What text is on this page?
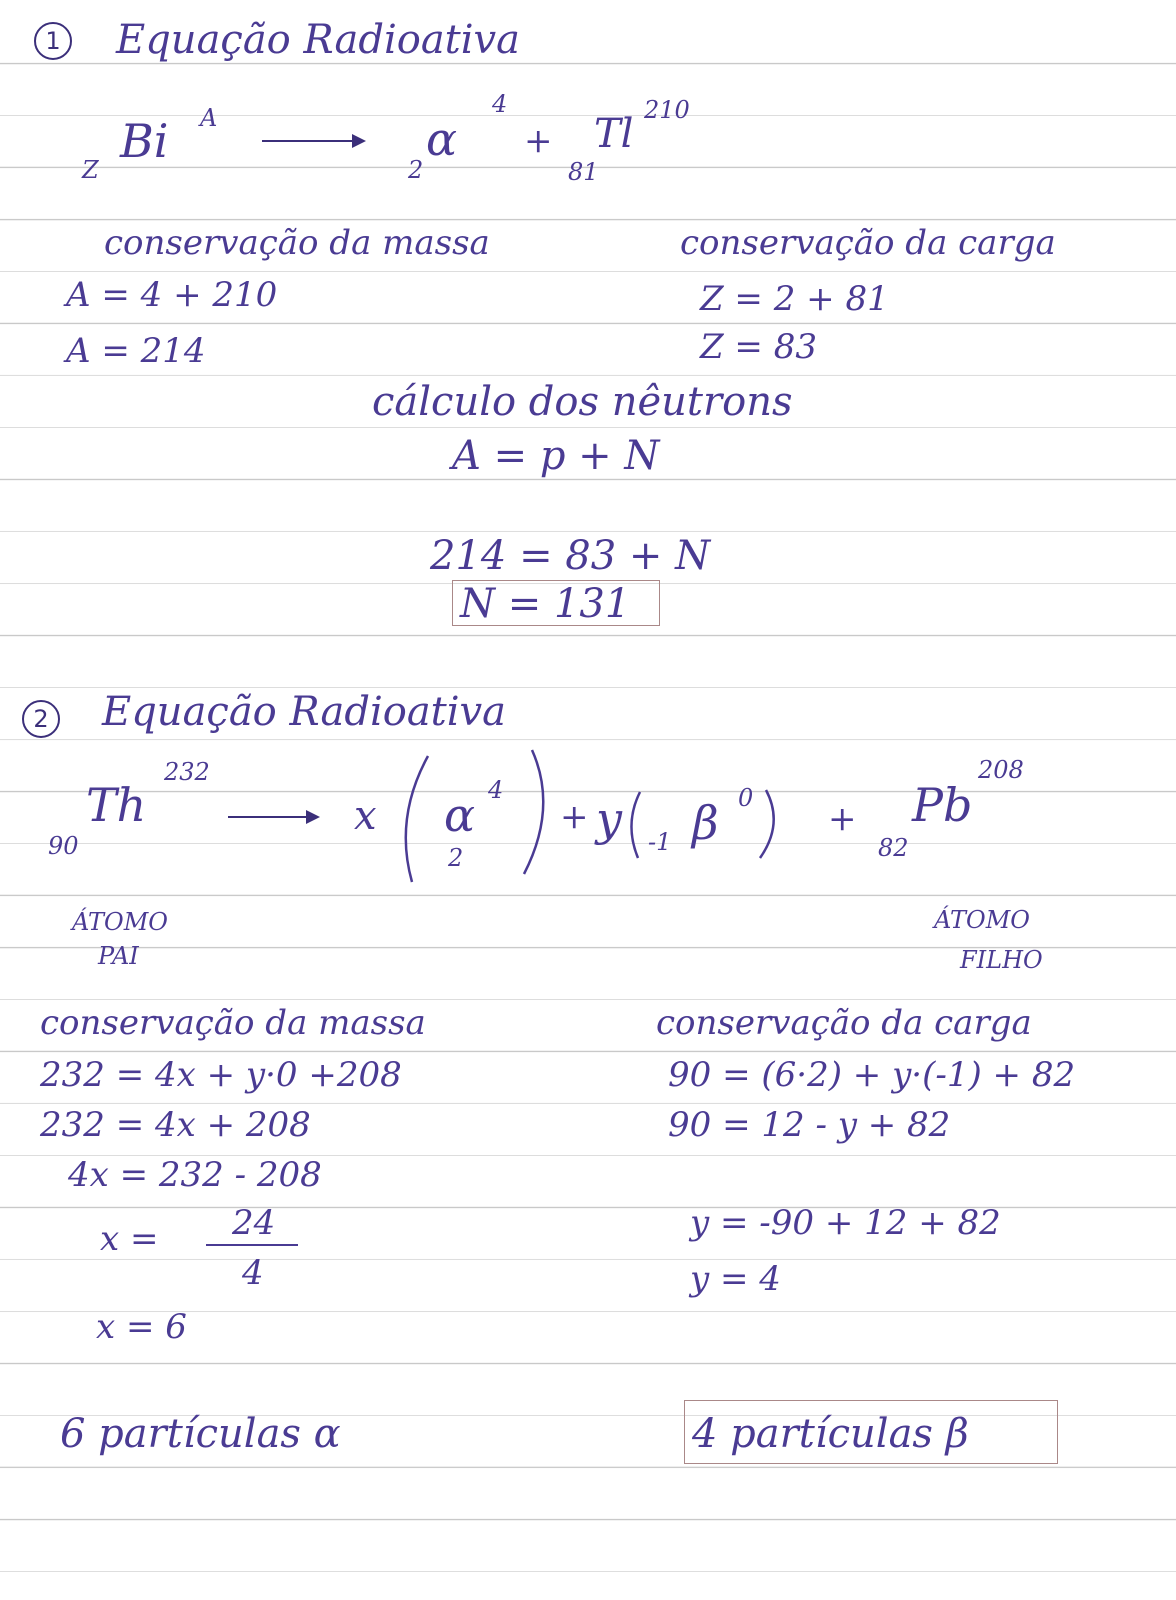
1 Equação Radioativa
Z
Bi A
2
α
4
+
81
Tl
210
conservação da massa
A = 4 + 210
A = 214
conservação da carga
Z = 2 + 81
Z = 83
cálculo dos nêutrons
A = p + N
214 = 83 + N
N = 131
2 Equação Radioativa
90
Th
232
x α 4
2
+ y -1 β 0
+
82
Pb
208
ÁTOMO
PAI
ÁTOMO
FILHO
conservação da massa
232 = 4x + y·0 +208
232 = 4x + 208
4x = 232 - 208
x = 24
4
x = 6
conservação da carga
90 = (6·2) + y·(-1) + 82
90 = 12 - y + 82
y = -90 + 12 + 82
y = 4
6 partículas α	4 partículas β
